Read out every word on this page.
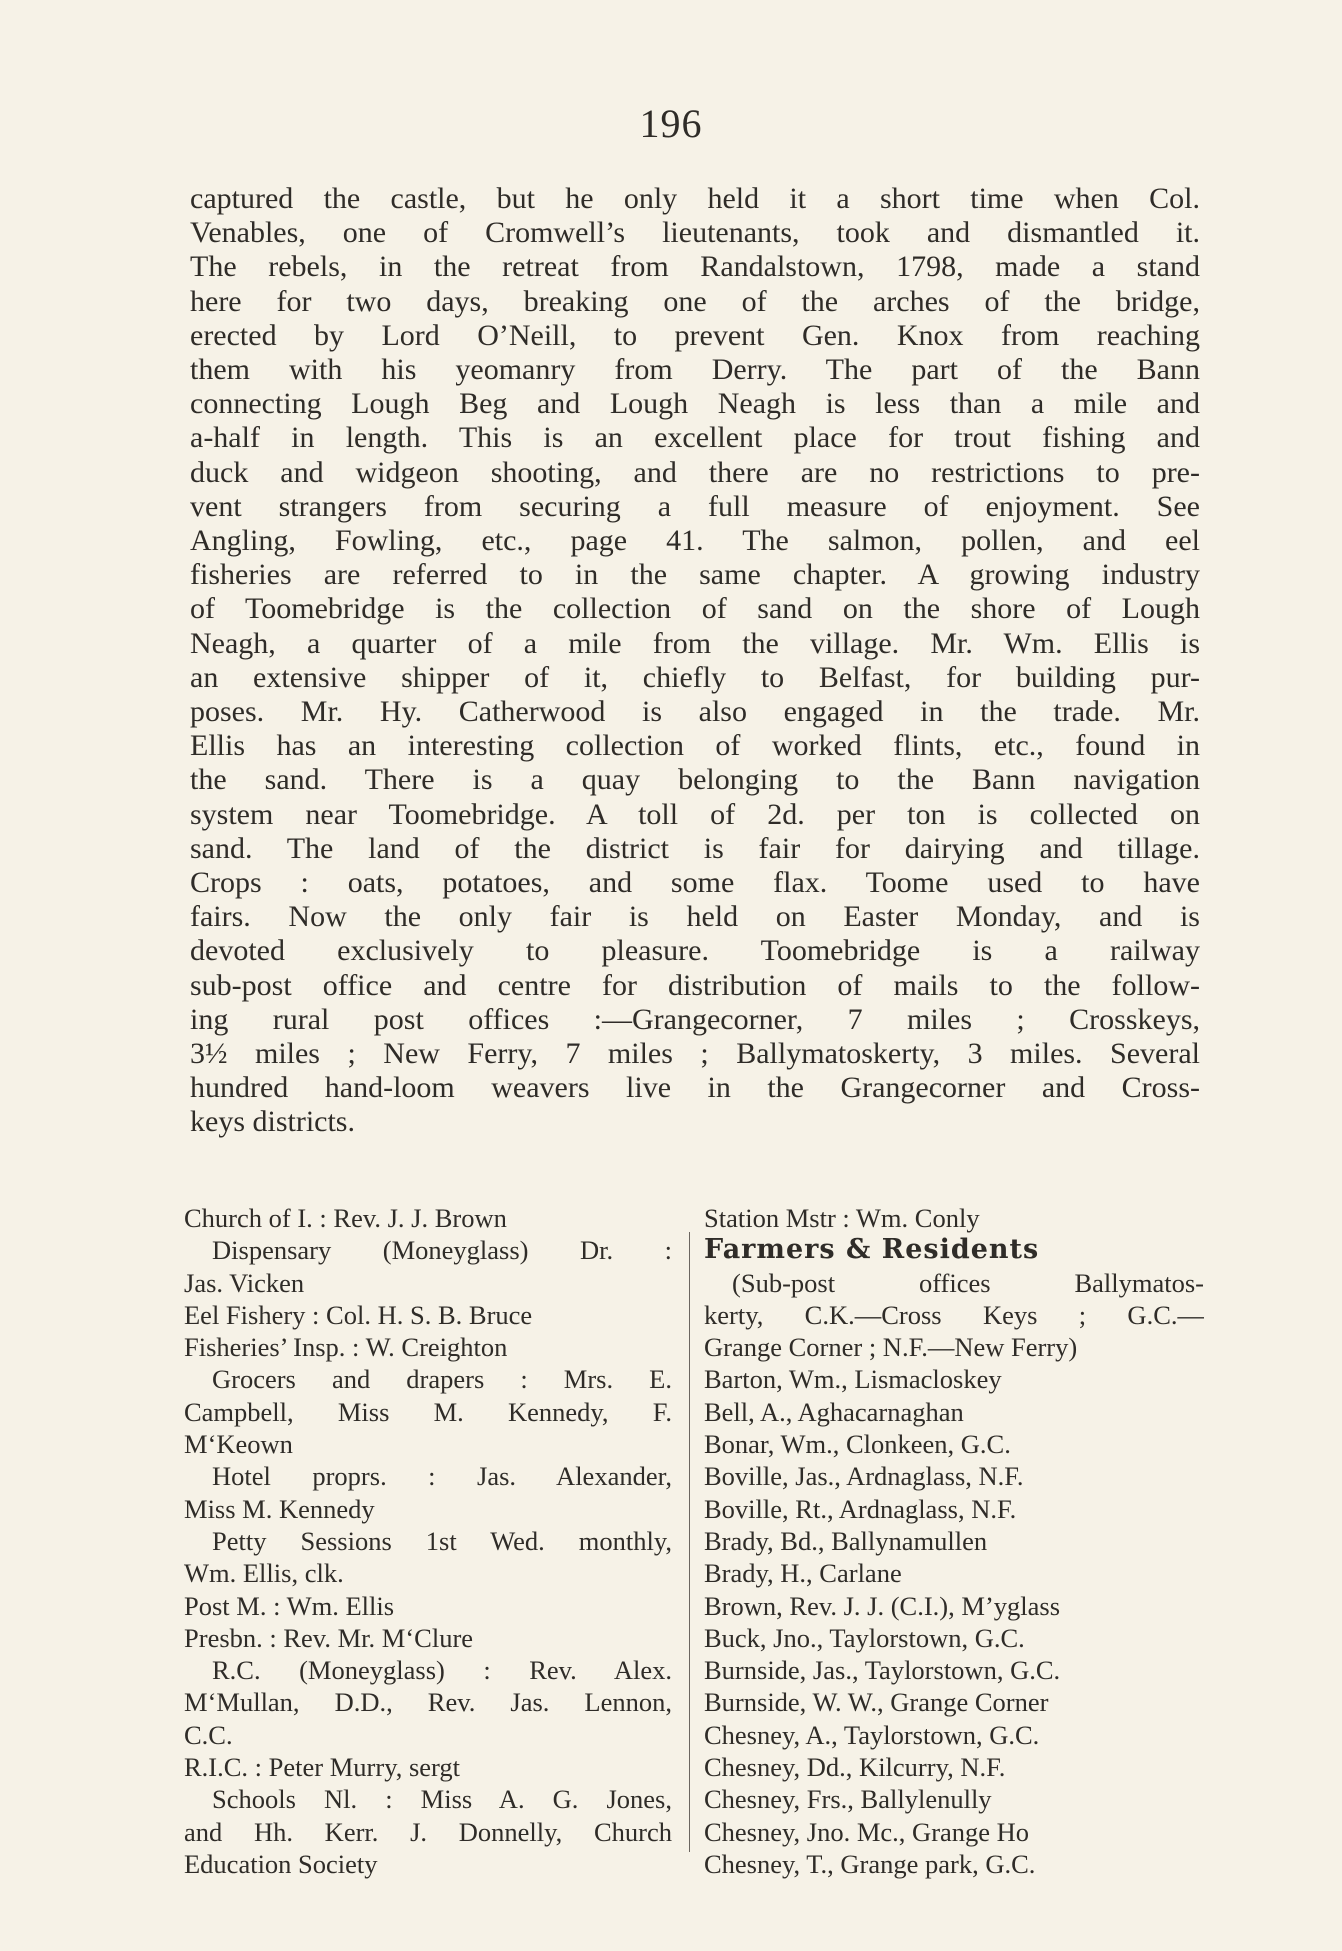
196
captured the castle, but he only held it a short time when Col.
Venables, one of Cromwell’s lieutenants, took and dismantled it.
The rebels, in the retreat from Randalstown, 1798, made a stand
here for two days, breaking one of the arches of the bridge,
erected by Lord O’Neill, to prevent Gen. Knox from reaching
them with his yeomanry from Derry. The part of the Bann
connecting Lough Beg and Lough Neagh is less than a mile and
a-half in length. This is an excellent place for trout fishing and
duck and widgeon shooting, and there are no restrictions to pre-
vent strangers from securing a full measure of enjoyment. See
Angling, Fowling, etc., page 41. The salmon, pollen, and eel
fisheries are referred to in the same chapter. A growing industry
of Toomebridge is the collection of sand on the shore of Lough
Neagh, a quarter of a mile from the village. Mr. Wm. Ellis is
an extensive shipper of it, chiefly to Belfast, for building pur-
poses. Mr. Hy. Catherwood is also engaged in the trade. Mr.
Ellis has an interesting collection of worked flints, etc., found in
the sand. There is a quay belonging to the Bann navigation
system near Toomebridge. A toll of 2d. per ton is collected on
sand. The land of the district is fair for dairying and tillage.
Crops : oats, potatoes, and some flax. Toome used to have
fairs. Now the only fair is held on Easter Monday, and is
devoted exclusively to pleasure. Toomebridge is a railway
sub-post office and centre for distribution of mails to the follow-
ing rural post offices :—Grangecorner, 7 miles ; Crosskeys,
3½ miles ; New Ferry, 7 miles ; Ballymatoskerty, 3 miles. Several
hundred hand-loom weavers live in the Grangecorner and Cross-
keys districts.
Church of I. : Rev. J. J. Brown
Dispensary (Moneyglass) Dr. :
Jas. Vicken
Eel Fishery : Col. H. S. B. Bruce
Fisheries’ Insp. : W. Creighton
Grocers and drapers : Mrs. E.
Campbell, Miss M. Kennedy, F.
M‘Keown
Hotel proprs. : Jas. Alexander,
Miss M. Kennedy
Petty Sessions 1st Wed. monthly,
Wm. Ellis, clk.
Post M. : Wm. Ellis
Presbn. : Rev. Mr. M‘Clure
R.C. (Moneyglass) : Rev. Alex.
M‘Mullan, D.D., Rev. Jas. Lennon,
C.C.
R.I.C. : Peter Murry, sergt
Schools Nl. : Miss A. G. Jones,
and Hh. Kerr. J. Donnelly, Church
Education Society
Station Mstr : Wm. Conly
Farmers & Residents
(Sub-post offices Ballymatos-
kerty, C.K.—Cross Keys ; G.C.—
Grange Corner ; N.F.—New Ferry)
Barton, Wm., Lismacloskey
Bell, A., Aghacarnaghan
Bonar, Wm., Clonkeen, G.C.
Boville, Jas., Ardnaglass, N.F.
Boville, Rt., Ardnaglass, N.F.
Brady, Bd., Ballynamullen
Brady, H., Carlane
Brown, Rev. J. J. (C.I.), M’yglass
Buck, Jno., Taylorstown, G.C.
Burnside, Jas., Taylorstown, G.C.
Burnside, W. W., Grange Corner
Chesney, A., Taylorstown, G.C.
Chesney, Dd., Kilcurry, N.F.
Chesney, Frs., Ballylenully
Chesney, Jno. Mc., Grange Ho
Chesney, T., Grange park, G.C.
